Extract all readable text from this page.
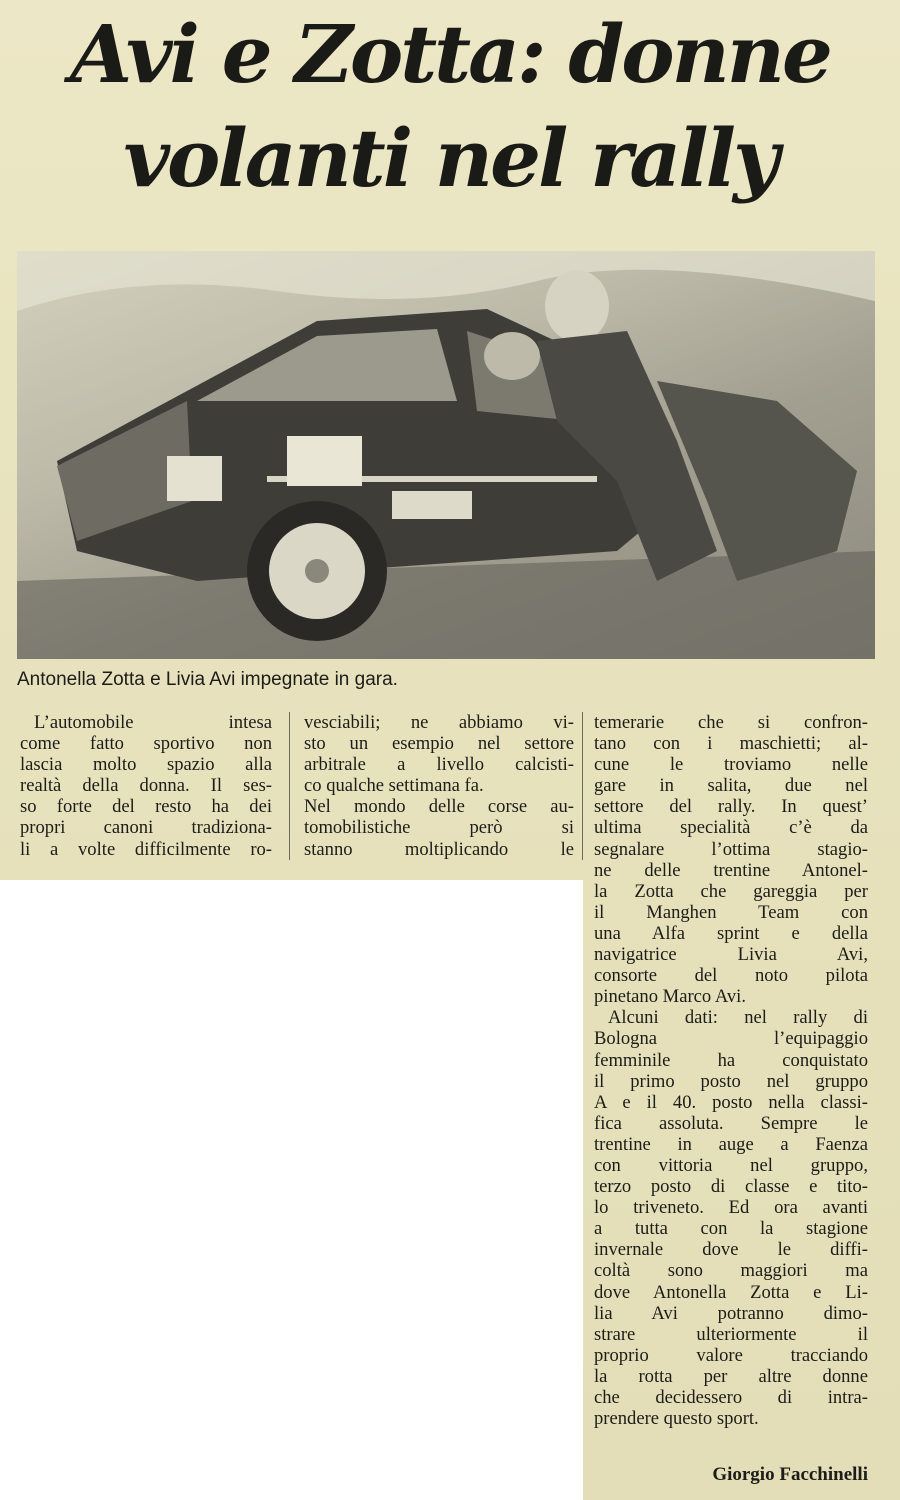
Avi e Zotta: donne
volanti nel rally
Antonella Zotta e Livia Avi impegnate in gara.
L’automobile intesa
come fatto sportivo non
lascia molto spazio alla
realtà della donna. Il ses-
so forte del resto ha dei
propri canoni tradiziona-
li a volte difficilmente ro-
vesciabili; ne abbiamo vi-
sto un esempio nel settore
arbitrale a livello calcisti-
co qualche settimana fa.
Nel mondo delle corse au-
tomobilistiche però si
stanno moltiplicando le
temerarie che si confron-
tano con i maschietti; al-
cune le troviamo nelle
gare in salita, due nel
settore del rally. In quest’
ultima specialità c’è da
segnalare l’ottima stagio-
ne delle trentine Antonel-
la Zotta che gareggia per
il Manghen Team con
una Alfa sprint e della
navigatrice Livia Avi,
consorte del noto pilota
pinetano Marco Avi.
Alcuni dati: nel rally di
Bologna l’equipaggio
femminile ha conquistato
il primo posto nel gruppo
A e il 40. posto nella classi-
fica assoluta. Sempre le
trentine in auge a Faenza
con vittoria nel gruppo,
terzo posto di classe e tito-
lo triveneto. Ed ora avanti
a tutta con la stagione
invernale dove le diffi-
coltà sono maggiori ma
dove Antonella Zotta e Li-
lia Avi potranno dimo-
strare ulteriormente il
proprio valore tracciando
la rotta per altre donne
che decidessero di intra-
prendere questo sport.
Giorgio Facchinelli
